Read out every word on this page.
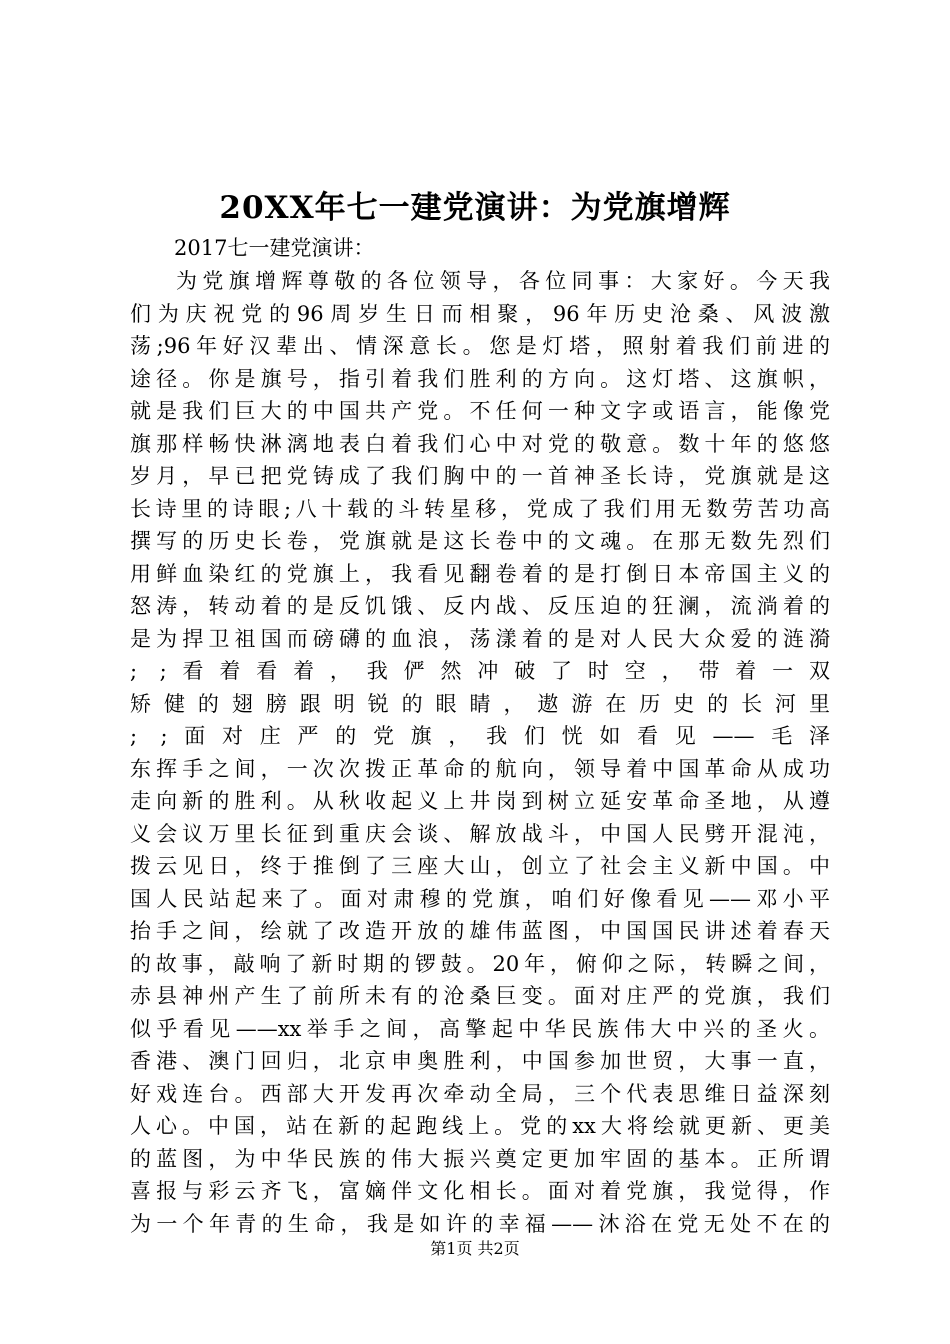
20XX年七一建党演讲：为党旗增辉
2017七一建党演讲：
为党旗增辉尊敬的各位领导，各位同事：大家好。今天我
们为庆祝党的96周岁生日而相聚，96年历史沧桑、风波激
荡;96年好汉辈出、情深意长。您是灯塔，照射着我们前进的
途径。你是旗号，指引着我们胜利的方向。这灯塔、这旗帜，
就是我们巨大的中国共产党。不任何一种文字或语言，能像党
旗那样畅快淋漓地表白着我们心中对党的敬意。数十年的悠悠
岁月，早已把党铸成了我们胸中的一首神圣长诗，党旗就是这
长诗里的诗眼;八十载的斗转星移，党成了我们用无数劳苦功高
撰写的历史长卷，党旗就是这长卷中的文魂。在那无数先烈们
用鲜血染红的党旗上，我看见翻卷着的是打倒日本帝国主义的
怒涛，转动着的是反饥饿、反内战、反压迫的狂澜，流淌着的
是为捍卫祖国而磅礴的血浪，荡漾着的是对人民大众爱的涟漪
; ;看着看着，我俨然冲破了时空，带着一双
矫健的翅膀跟明锐的眼睛，遨游在历史的长河里
; ;面对庄严的党旗，我们恍如看见——毛泽
东挥手之间，一次次拨正革命的航向，领导着中国革命从成功
走向新的胜利。从秋收起义上井岗到树立延安革命圣地，从遵
义会议万里长征到重庆会谈、解放战斗，中国人民劈开混沌，
拨云见日，终于推倒了三座大山，创立了社会主义新中国。中
国人民站起来了。面对肃穆的党旗，咱们好像看见——邓小平
抬手之间，绘就了改造开放的雄伟蓝图，中国国民讲述着春天
的故事，敲响了新时期的锣鼓。20年，俯仰之际，转瞬之间，
赤县神州产生了前所未有的沧桑巨变。面对庄严的党旗，我们
似乎看见——xx举手之间，高擎起中华民族伟大中兴的圣火。
香港、澳门回归，北京申奥胜利，中国参加世贸，大事一直，
好戏连台。西部大开发再次牵动全局，三个代表思维日益深刻
人心。中国，站在新的起跑线上。党的xx大将绘就更新、更美
的蓝图，为中华民族的伟大振兴奠定更加牢固的基本。正所谓
喜报与彩云齐飞，富嫡伴文化相长。面对着党旗，我觉得，作
为一个年青的生命，我是如许的幸福——沐浴在党无处不在的
第1页 共2页
